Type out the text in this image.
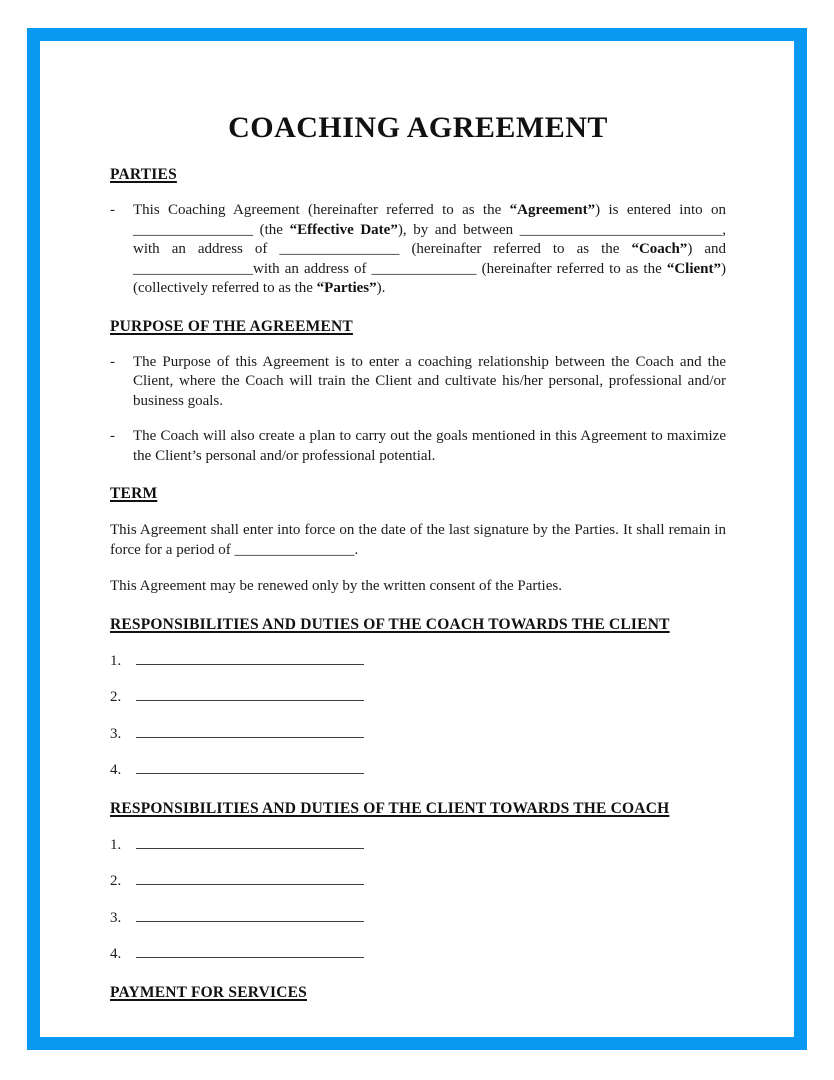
COACHING AGREEMENT
PARTIES
-	This Coaching Agreement (hereinafter referred to as the “Agreement”) is entered into on ________________ (the “Effective Date”), by and between ___________________________, with an address of ________________ (hereinafter referred to as the “Coach”) and ________________with an address of ______________ (hereinafter referred to as the “Client”) (collectively referred to as the “Parties”).

PURPOSE OF THE AGREEMENT
-	The Purpose of this Agreement is to enter a coaching relationship between the Coach and the Client, where the Coach will train the Client and cultivate his/her personal, professional and/or business goals.

-	The Coach will also create a plan to carry out the goals mentioned in this Agreement to maximize the Client’s personal and/or professional potential.

TERM

This Agreement shall enter into force on the date of the last signature by the Parties. It shall remain in force for a period of ________________.

This Agreement may be renewed only by the written consent of the Parties.

RESPONSIBILITIES AND DUTIES OF THE COACH TOWARDS THE CLIENT
1.
2.
3.
4.
RESPONSIBILITIES AND DUTIES OF THE CLIENT TOWARDS THE COACH
1.
2.
3.
4.
PAYMENT FOR SERVICES
